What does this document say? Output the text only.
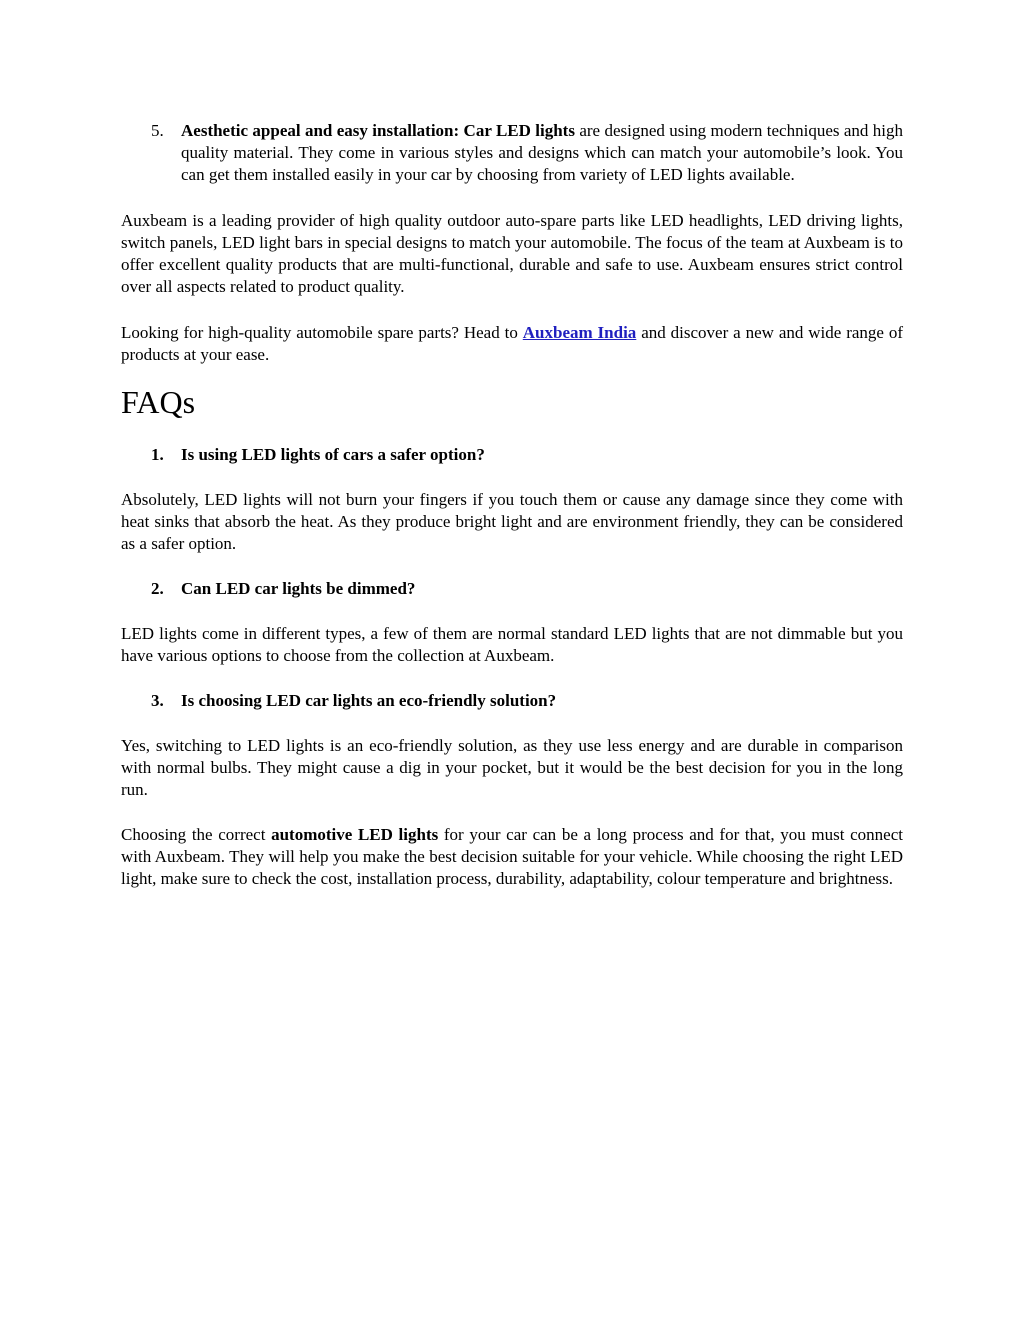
5. Aesthetic appeal and easy installation: Car LED lights are designed using modern techniques and high quality material. They come in various styles and designs which can match your automobile’s look. You can get them installed easily in your car by choosing from variety of LED lights available.

Auxbeam is a leading provider of high quality outdoor auto-spare parts like LED headlights, LED driving lights, switch panels, LED light bars in special designs to match your automobile. The focus of the team at Auxbeam is to offer excellent quality products that are multi-functional, durable and safe to use. Auxbeam ensures strict control over all aspects related to product quality.

Looking for high-quality automobile spare parts? Head to Auxbeam India and discover a new and wide range of products at your ease.

FAQs
1. Is using LED lights of cars a safer option?

Absolutely, LED lights will not burn your fingers if you touch them or cause any damage since they come with heat sinks that absorb the heat. As they produce bright light and are environment friendly, they can be considered as a safer option.

2. Can LED car lights be dimmed?

LED lights come in different types, a few of them are normal standard LED lights that are not dimmable but you have various options to choose from the collection at Auxbeam.

3. Is choosing LED car lights an eco-friendly solution?

Yes, switching to LED lights is an eco-friendly solution, as they use less energy and are durable in comparison with normal bulbs. They might cause a dig in your pocket, but it would be the best decision for you in the long run.

Choosing the correct automotive LED lights for your car can be a long process and for that, you must connect with Auxbeam. They will help you make the best decision suitable for your vehicle. While choosing the right LED light, make sure to check the cost, installation process, durability, adaptability, colour temperature and brightness.
